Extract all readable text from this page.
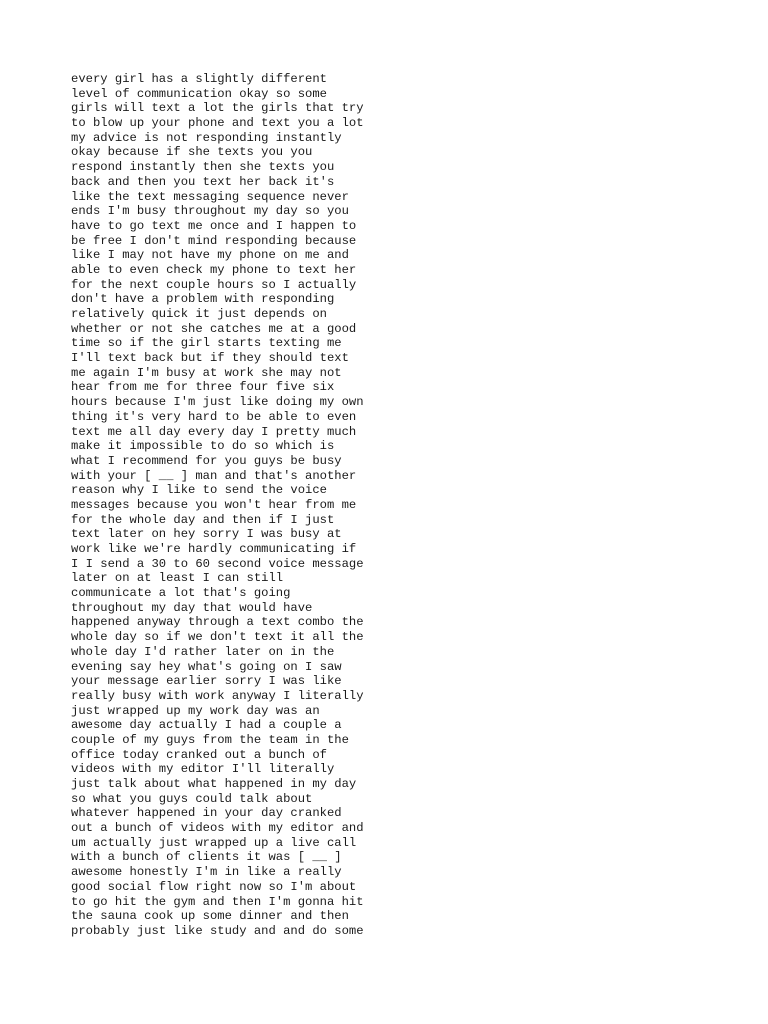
every girl has a slightly different
level of communication okay so some
girls will text a lot the girls that try
to blow up your phone and text you a lot
my advice is not responding instantly
okay because if she texts you you
respond instantly then she texts you
back and then you text her back it's
like the text messaging sequence never
ends I'm busy throughout my day so you
have to go text me once and I happen to
be free I don't mind responding because
like I may not have my phone on me and
able to even check my phone to text her
for the next couple hours so I actually
don't have a problem with responding
relatively quick it just depends on
whether or not she catches me at a good
time so if the girl starts texting me
I'll text back but if they should text
me again I'm busy at work she may not
hear from me for three four five six
hours because I'm just like doing my own
thing it's very hard to be able to even
text me all day every day I pretty much
make it impossible to do so which is
what I recommend for you guys be busy
with your [ __ ] man and that's another
reason why I like to send the voice
messages because you won't hear from me
for the whole day and then if I just
text later on hey sorry I was busy at
work like we're hardly communicating if
I I send a 30 to 60 second voice message
later on at least I can still
communicate a lot that's going
throughout my day that would have
happened anyway through a text combo the
whole day so if we don't text it all the
whole day I'd rather later on in the
evening say hey what's going on I saw
your message earlier sorry I was like
really busy with work anyway I literally
just wrapped up my work day was an
awesome day actually I had a couple a
couple of my guys from the team in the
office today cranked out a bunch of
videos with my editor I'll literally
just talk about what happened in my day
so what you guys could talk about
whatever happened in your day cranked
out a bunch of videos with my editor and
um actually just wrapped up a live call
with a bunch of clients it was [ __ ]
awesome honestly I'm in like a really
good social flow right now so I'm about
to go hit the gym and then I'm gonna hit
the sauna cook up some dinner and then
probably just like study and and do some
